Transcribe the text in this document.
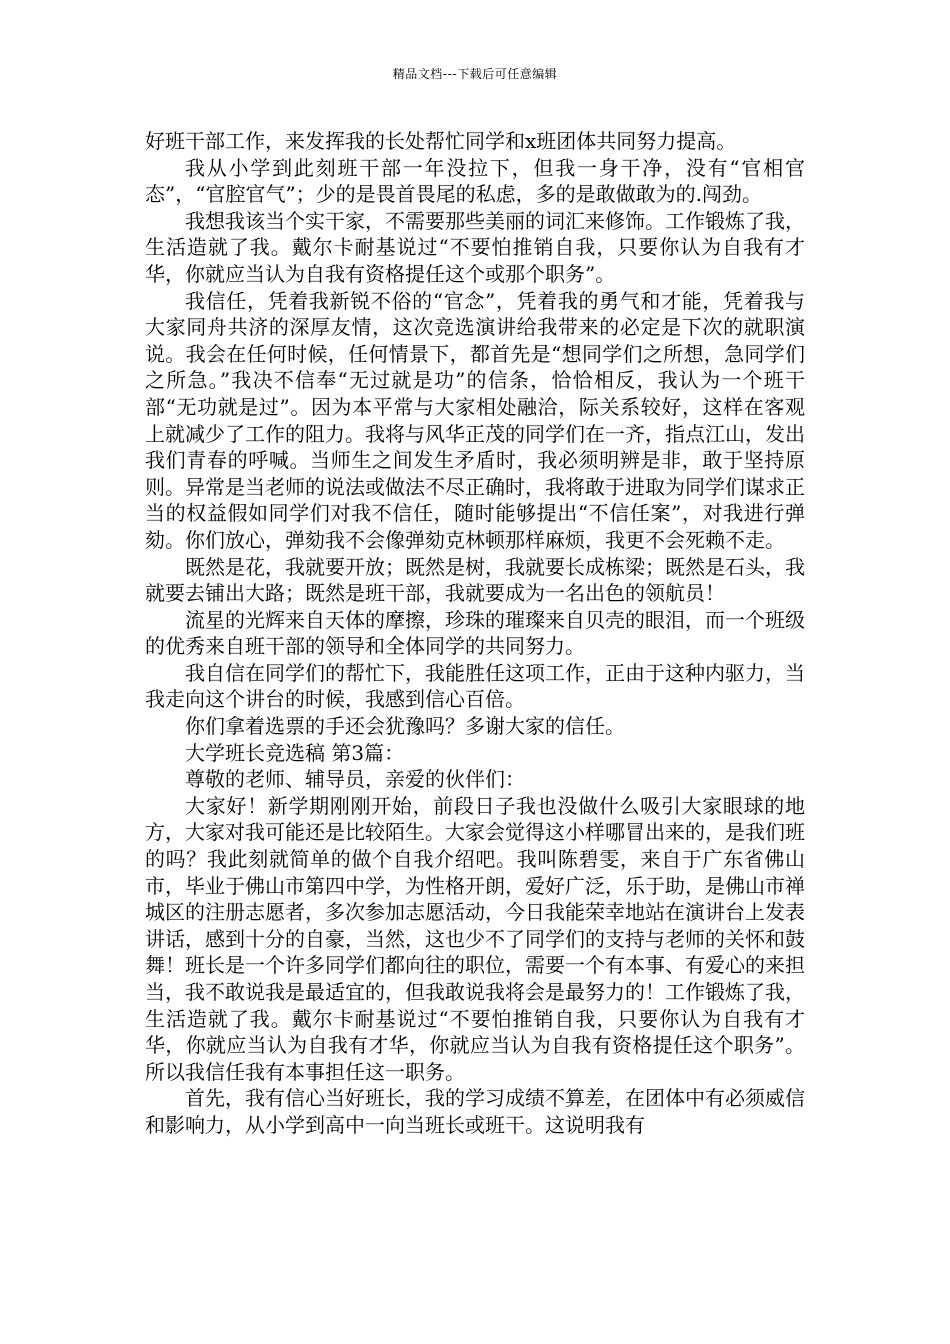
精品文档---下载后可任意编辑

好班干部工作，来发挥我的长处帮忙同学和x班团体共同努力提高。

我从小学到此刻班干部一年没拉下，但我一身干净，没有“官相官态”，“官腔官气”；少的是畏首畏尾的私虑，多的是敢做敢为的.闯劲。

我想我该当个实干家，不需要那些美丽的词汇来修饰。工作锻炼了我，生活造就了我。戴尔卡耐基说过“不要怕推销自我，只要你认为自我有才华，你就应当认为自我有资格提任这个或那个职务”。

我信任，凭着我新锐不俗的“官念”，凭着我的勇气和才能，凭着我与大家同舟共济的深厚友情，这次竞选演讲给我带来的必定是下次的就职演说。我会在任何时候，任何情景下，都首先是“想同学们之所想，急同学们之所急。”我决不信奉“无过就是功”的信条，恰恰相反，我认为一个班干部“无功就是过”。因为本平常与大家相处融洽，际关系较好，这样在客观上就减少了工作的阻力。我将与风华正茂的同学们在一齐，指点江山，发出我们青春的呼喊。当师生之间发生矛盾时，我必须明辨是非，敢于坚持原则。异常是当老师的说法或做法不尽正确时，我将敢于进取为同学们谋求正当的权益假如同学们对我不信任，随时能够提出“不信任案”，对我进行弹劾。你们放心，弹劾我不会像弹劾克林顿那样麻烦，我更不会死赖不走。

既然是花，我就要开放；既然是树，我就要长成栋梁；既然是石头，我就要去铺出大路；既然是班干部，我就要成为一名出色的领航员！

流星的光辉来自天体的摩擦，珍珠的璀璨来自贝壳的眼泪，而一个班级的优秀来自班干部的领导和全体同学的共同努力。

我自信在同学们的帮忙下，我能胜任这项工作，正由于这种内驱力，当我走向这个讲台的时候，我感到信心百倍。

你们拿着选票的手还会犹豫吗？多谢大家的信任。

大学班长竞选稿 第3篇：

尊敬的老师、辅导员，亲爱的伙伴们：

大家好！新学期刚刚开始，前段日子我也没做什么吸引大家眼球的地方，大家对我可能还是比较陌生。大家会觉得这小样哪冒出来的，是我们班的吗？我此刻就简单的做个自我介绍吧。我叫陈碧雯，来自于广东省佛山市，毕业于佛山市第四中学，为性格开朗，爱好广泛，乐于助，是佛山市禅城区的注册志愿者，多次参加志愿活动，今日我能荣幸地站在演讲台上发表讲话，感到十分的自豪，当然，这也少不了同学们的支持与老师的关怀和鼓舞！班长是一个许多同学们都向往的职位，需要一个有本事、有爱心的来担当，我不敢说我是最适宜的，但我敢说我将会是最努力的！工作锻炼了我，生活造就了我。戴尔卡耐基说过“不要怕推销自我，只要你认为自我有才华，你就应当认为自我有才华，你就应当认为自我有资格提任这个职务”。所以我信任我有本事担任这一职务。

首先，我有信心当好班长，我的学习成绩不算差，在团体中有必须威信和影响力，从小学到高中一向当班长或班干。这说明我有
